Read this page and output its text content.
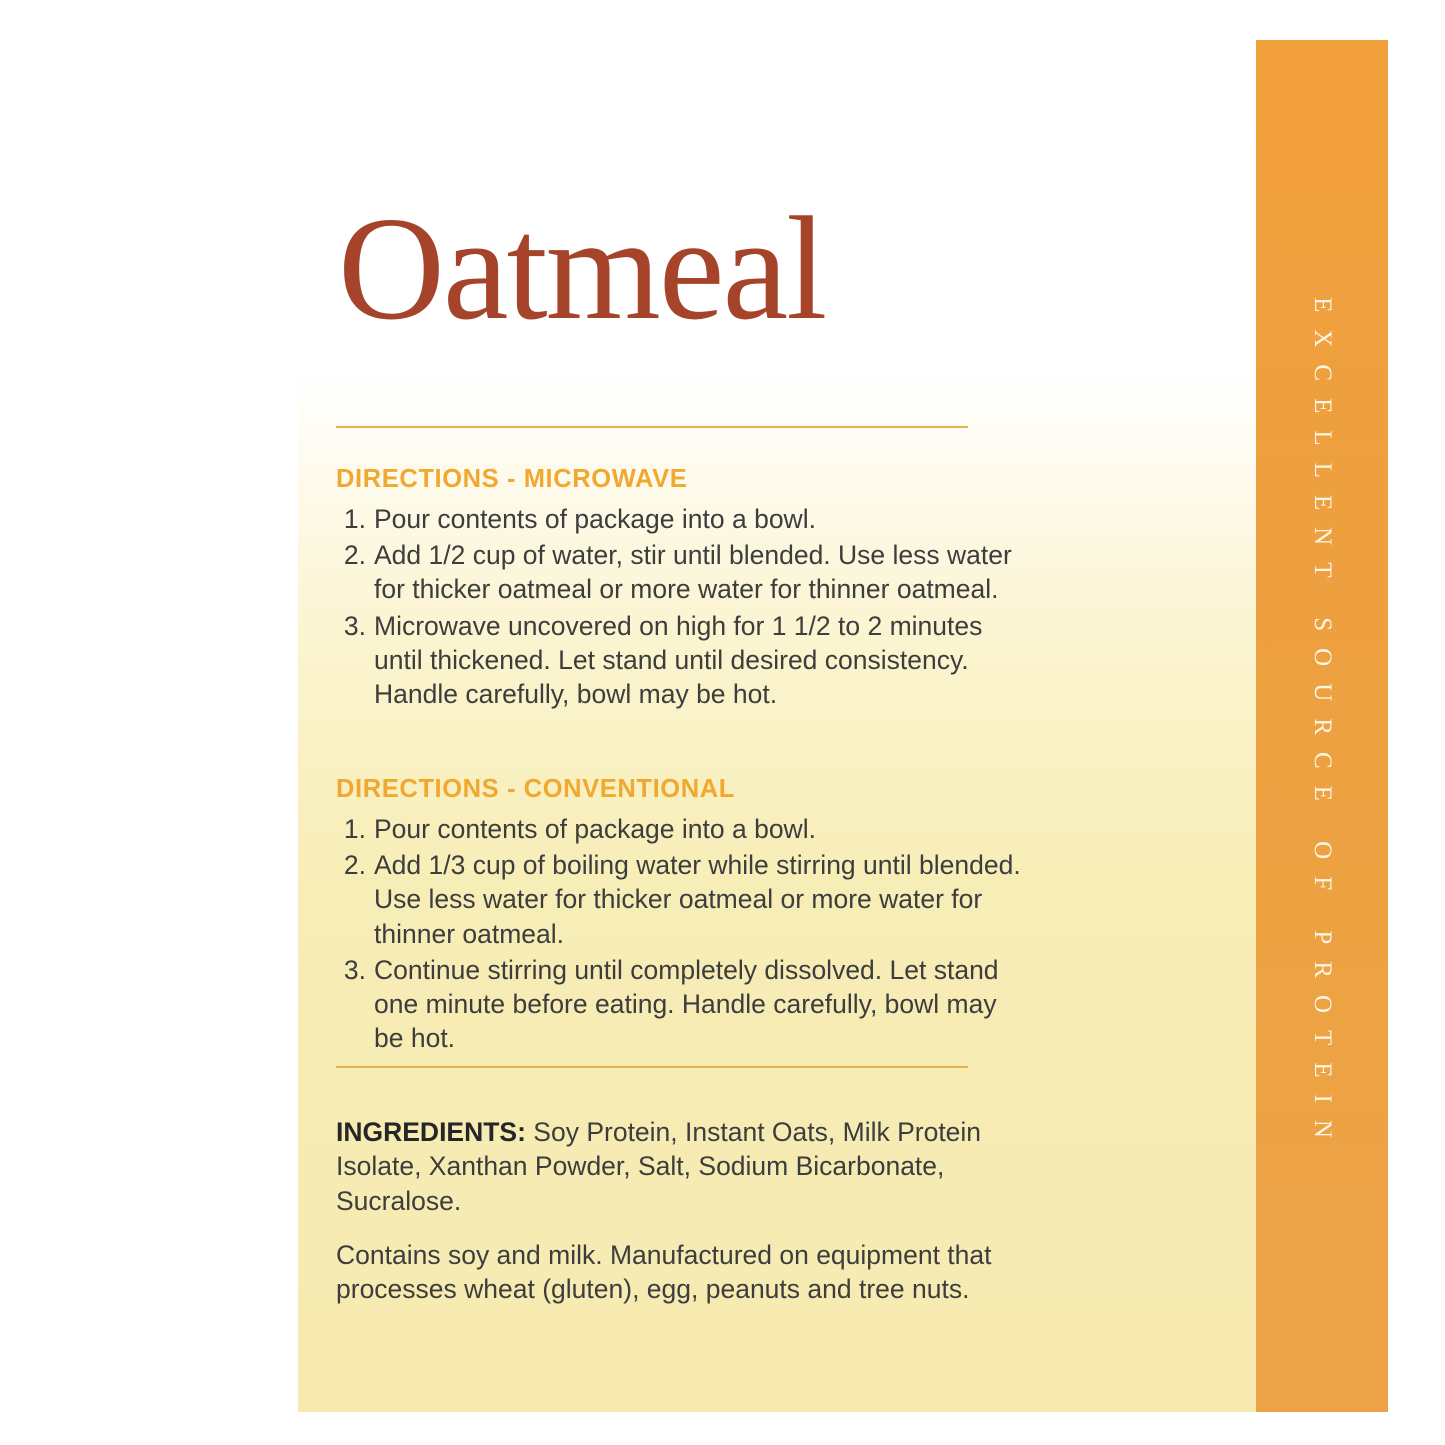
Oatmeal
DIRECTIONS - MICROWAVE
1. Pour contents of package into a bowl.
2. Add 1/2 cup of water, stir until blended. Use less water for thicker oatmeal or more water for thinner oatmeal.
3. Microwave uncovered on high for 1 1/2 to 2 minutes until thickened. Let stand until desired consistency. Handle carefully, bowl may be hot.
DIRECTIONS - CONVENTIONAL
1. Pour contents of package into a bowl.
2. Add 1/3 cup of boiling water while stirring until blended. Use less water for thicker oatmeal or more water for thinner oatmeal.
3. Continue stirring until completely dissolved. Let stand one minute before eating. Handle carefully, bowl may be hot.
INGREDIENTS: Soy Protein, Instant Oats, Milk Protein Isolate, Xanthan Powder, Salt, Sodium Bicarbonate, Sucralose.
Contains soy and milk. Manufactured on equipment that processes wheat (gluten), egg, peanuts and tree nuts.
EXCELLENT SOURCE OF PROTEIN
